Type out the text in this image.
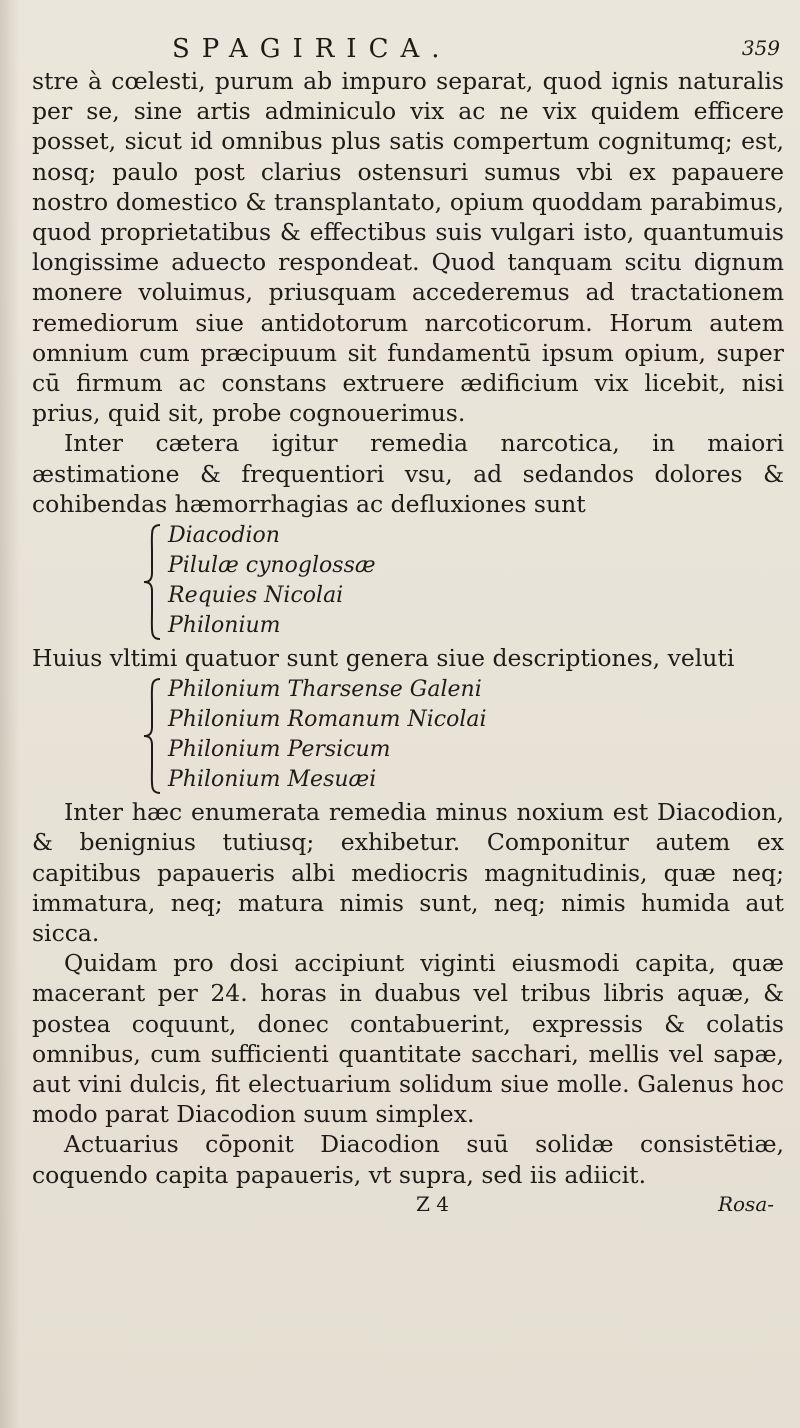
SPAGIRICA.	359

stre à cœlesti, purum ab impuro separat, quod ignis naturalis per se, sine artis adminiculo vix ac ne vix quidem efficere posset, sicut id omnibus plus satis compertum cognitumq; est, nosq; paulo post clarius ostensuri sumus vbi ex papauere nostro domestico & transplantato, opium quoddam parabimus, quod proprietatibus & effectibus suis vulgari isto, quantumuis longissime aduecto respondeat. Quod tanquam scitu dignum monere voluimus, priusquam accederemus ad tractationem remediorum siue antidotorum narcoticorum. Horum autem omnium cum præcipuum sit fundamentū ipsum opium, super cū firmum ac constans extruere ædificium vix licebit, nisi prius, quid sit, probe cognouerimus.

Inter cætera igitur remedia narcotica, in maiori æstimatione & frequentiori vsu, ad sedandos dolores & cohibendas hæmorrhagias ac defluxiones sunt

Diacodion
Pilulæ cynoglossæ
Requies Nicolai
Philonium

Huius vltimi quatuor sunt genera siue descriptiones, veluti

Philonium Tharsense Galeni
Philonium Romanum Nicolai
Philonium Persicum
Philonium Mesuæi

Inter hæc enumerata remedia minus noxium est Diacodion, & benignius tutiusq; exhibetur. Componitur autem ex capitibus papaueris albi mediocris magnitudinis, quæ neq; immatura, neq; matura nimis sunt, neq; nimis humida aut sicca.

Quidam pro dosi accipiunt viginti eiusmodi capita, quæ macerant per 24. horas in duabus vel tribus libris aquæ, & postea coquunt, donec contabuerint, expressis & colatis omnibus, cum sufficienti quantitate sacchari, mellis vel sapæ, aut vini dulcis, fit electuarium solidum siue molle. Galenus hoc modo parat Diacodion suum simplex.

Actuarius cōponit Diacodion suū solidæ consistētiæ, coquendo capita papaueris, vt supra, sed iis adiicit.

Z 4	Rosa-
